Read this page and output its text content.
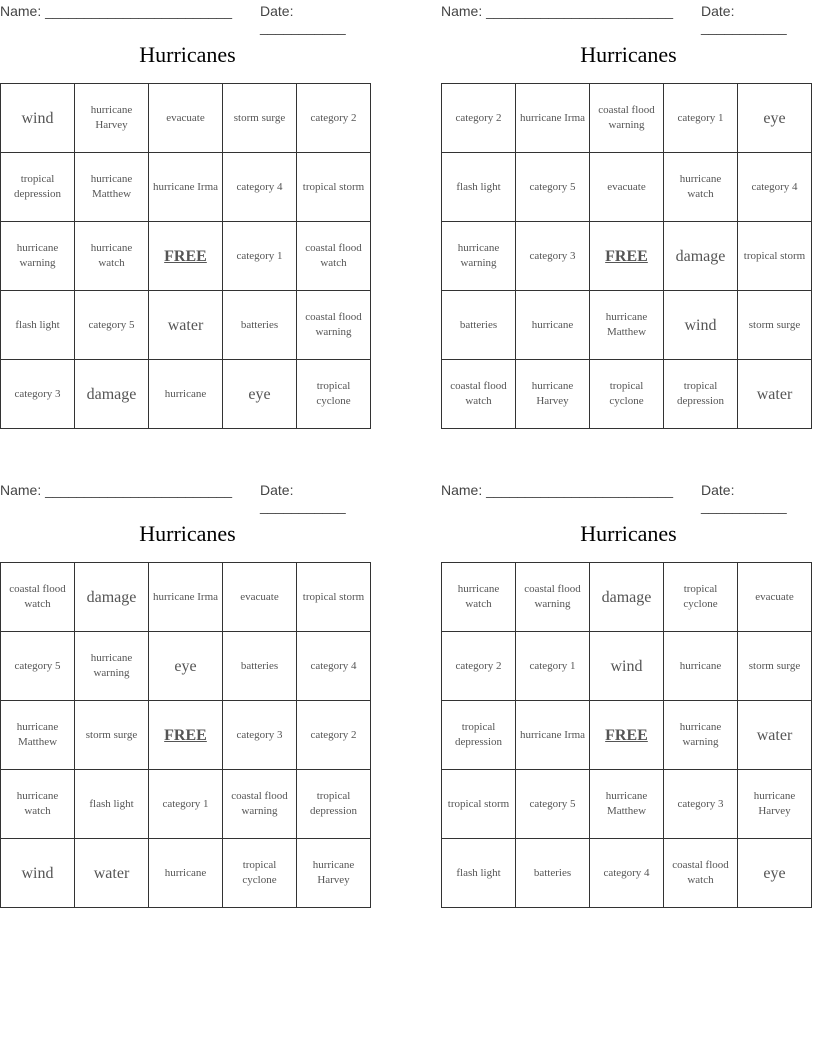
Name: ________________________ Date: ___________
Hurricanes
wind	hurricane Harvey	evacuate	storm surge	category 2
tropical depression	hurricane Matthew	hurricane Irma	category 4	tropical storm
hurricane warning	hurricane watch	FREE	category 1	coastal flood watch
flash light	category 5	water	batteries	coastal flood warning
category 3	damage	hurricane	eye	tropical cyclone
Name: ________________________ Date: ___________
Hurricanes
category 2	hurricane Irma	coastal flood warning	category 1	eye
flash light	category 5	evacuate	hurricane watch	category 4
hurricane warning	category 3	FREE	damage	tropical storm
batteries	hurricane	hurricane Matthew	wind	storm surge
coastal flood watch	hurricane Harvey	tropical cyclone	tropical depression	water
Name: ________________________ Date: ___________
Hurricanes
coastal flood watch	damage	hurricane Irma	evacuate	tropical storm
category 5	hurricane warning	eye	batteries	category 4
hurricane Matthew	storm surge	FREE	category 3	category 2
hurricane watch	flash light	category 1	coastal flood warning	tropical depression
wind	water	hurricane	tropical cyclone	hurricane Harvey
Name: ________________________ Date: ___________
Hurricanes
hurricane watch	coastal flood warning	damage	tropical cyclone	evacuate
category 2	category 1	wind	hurricane	storm surge
tropical depression	hurricane Irma	FREE	hurricane warning	water
tropical storm	category 5	hurricane Matthew	category 3	hurricane Harvey
flash light	batteries	category 4	coastal flood watch	eye
